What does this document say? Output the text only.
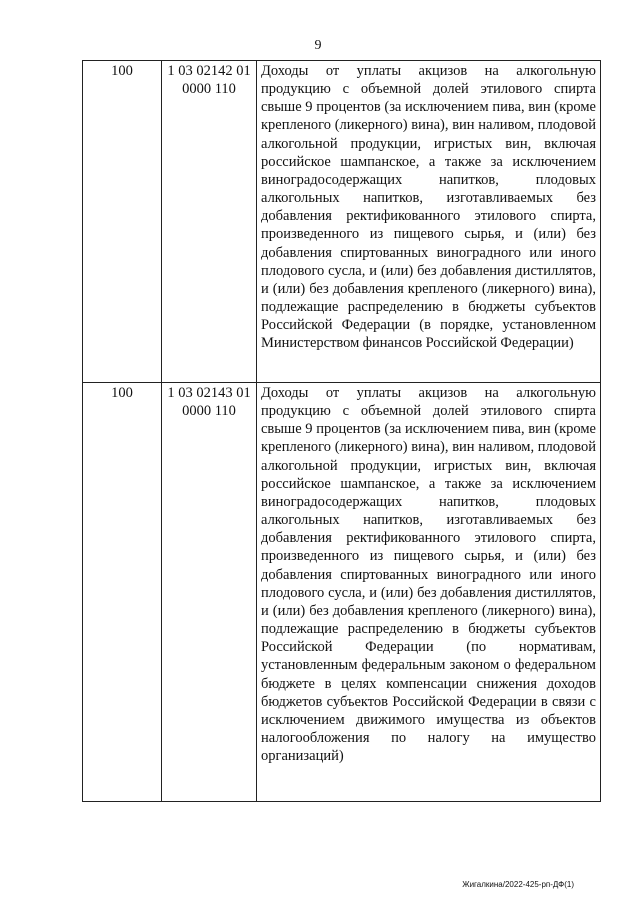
9
100	1 03 02142 01 0000 110	Доходы от уплаты акцизов на алкогольную продукцию с объемной долей этилового спирта свыше 9 процентов (за исключением пива, вин (кроме крепленого (ликерного) вина), вин наливом, плодовой алкогольной продукции, игристых вин, включая российское шампанское, а также за исключением виноградосодержащих напитков, плодовых алкогольных напитков, изготавливаемых без добавления ректификованного этилового спирта, произведенного из пищевого сырья, и (или) без добавления спиртованных виноградного или иного плодового сусла, и (или) без добавления дистиллятов, и (или) без добавления крепленого (ликерного) вина), подлежащие распределению в бюджеты субъектов Российской Федерации (в порядке, установленном Министерством финансов Российской Федерации)
100	1 03 02143 01 0000 110	Доходы от уплаты акцизов на алкогольную продукцию с объемной долей этилового спирта свыше 9 процентов (за исключением пива, вин (кроме крепленого (ликерного) вина), вин наливом, плодовой алкогольной продукции, игристых вин, включая российское шампанское, а также за исключением виноградосодержащих напитков, плодовых алкогольных напитков, изготавливаемых без добавления ректификованного этилового спирта, произведенного из пищевого сырья, и (или) без добавления спиртованных виноградного или иного плодового сусла, и (или) без добавления дистиллятов, и (или) без добавления крепленого (ликерного) вина), подлежащие распределению в бюджеты субъектов Российской Федерации (по нормативам, установленным федеральным законом о федеральном бюджете в целях компенсации снижения доходов бюджетов субъектов Российской Федерации в связи с исключением движимого имущества из объектов налогообложения по налогу на имущество организаций)
Жигалкина/2022-425-рп-ДФ(1)
